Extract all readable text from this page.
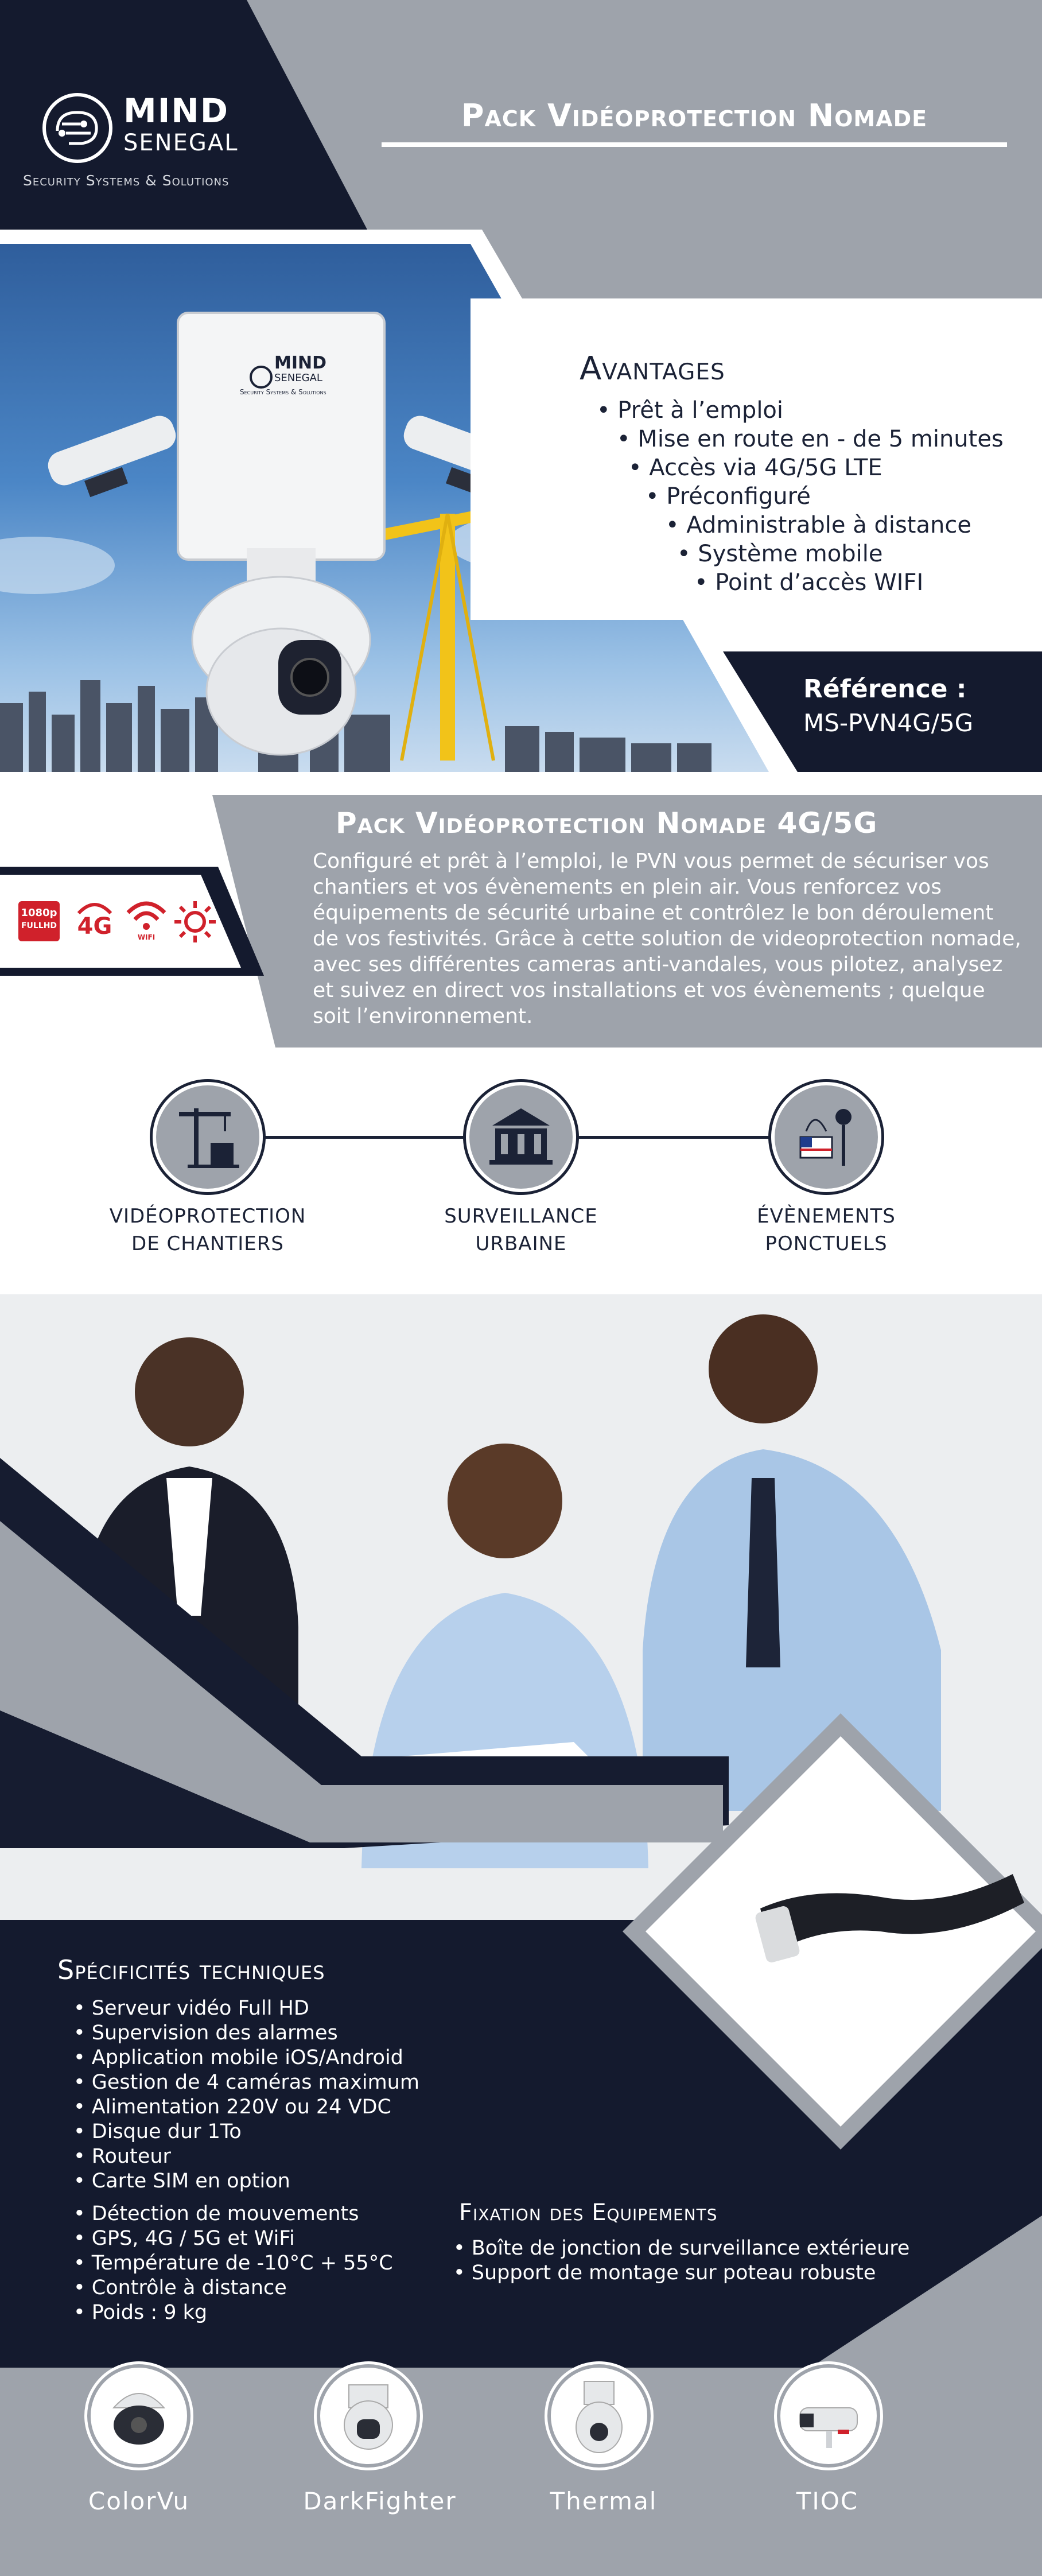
MIND
SENEGAL
Security Systems & Solutions
Pack Vidéoprotection Nomade
MIND
SENEGAL
Security Systems & Solutions
Avantages
• Prêt à l’emploi
• Mise en route en - de 5 minutes
• Accès via 4G/5G LTE
• Préconfiguré
• Administrable à distance
• Système mobile
• Point d’accès WIFI
Référence :
MS-PVN4G/5G
Pack Vidéoprotection Nomade 4G/5G
Configuré et prêt à l’emploi, le PVN vous permet de sécuriser vos
chantiers et vos évènements en plein air. Vous renforcez vos
équipements de sécurité urbaine et contrôlez le bon déroulement
de vos festivités. Grâce à cette solution de videoprotection nomade,
avec ses différentes cameras anti-vandales, vous pilotez, analysez
et suivez en direct vos installations et vos évènements ; quelque
soit l’environnement.
1080p
FULLHD 4G	WIFI
VIDÉOPROTECTION
DE CHANTIERS
SURVEILLANCE
URBAINE
ÉVÈNEMENTS
PONCTUELS
Spécificités techniques
• Serveur vidéo Full HD
• Supervision des alarmes
• Application mobile iOS/Android
• Gestion de 4 caméras maximum
• Alimentation 220V ou 24 VDC
• Disque dur 1To
• Routeur
• Carte SIM en option
• Détection de mouvements
• GPS, 4G / 5G et WiFi
• Température de -10°C + 55°C
• Contrôle à distance
• Poids : 9 kg
Fixation des Equipements
• Boîte de jonction de surveillance extérieure
• Support de montage sur poteau robuste
ColorVu	DarkFighter	Thermal	TIOC
